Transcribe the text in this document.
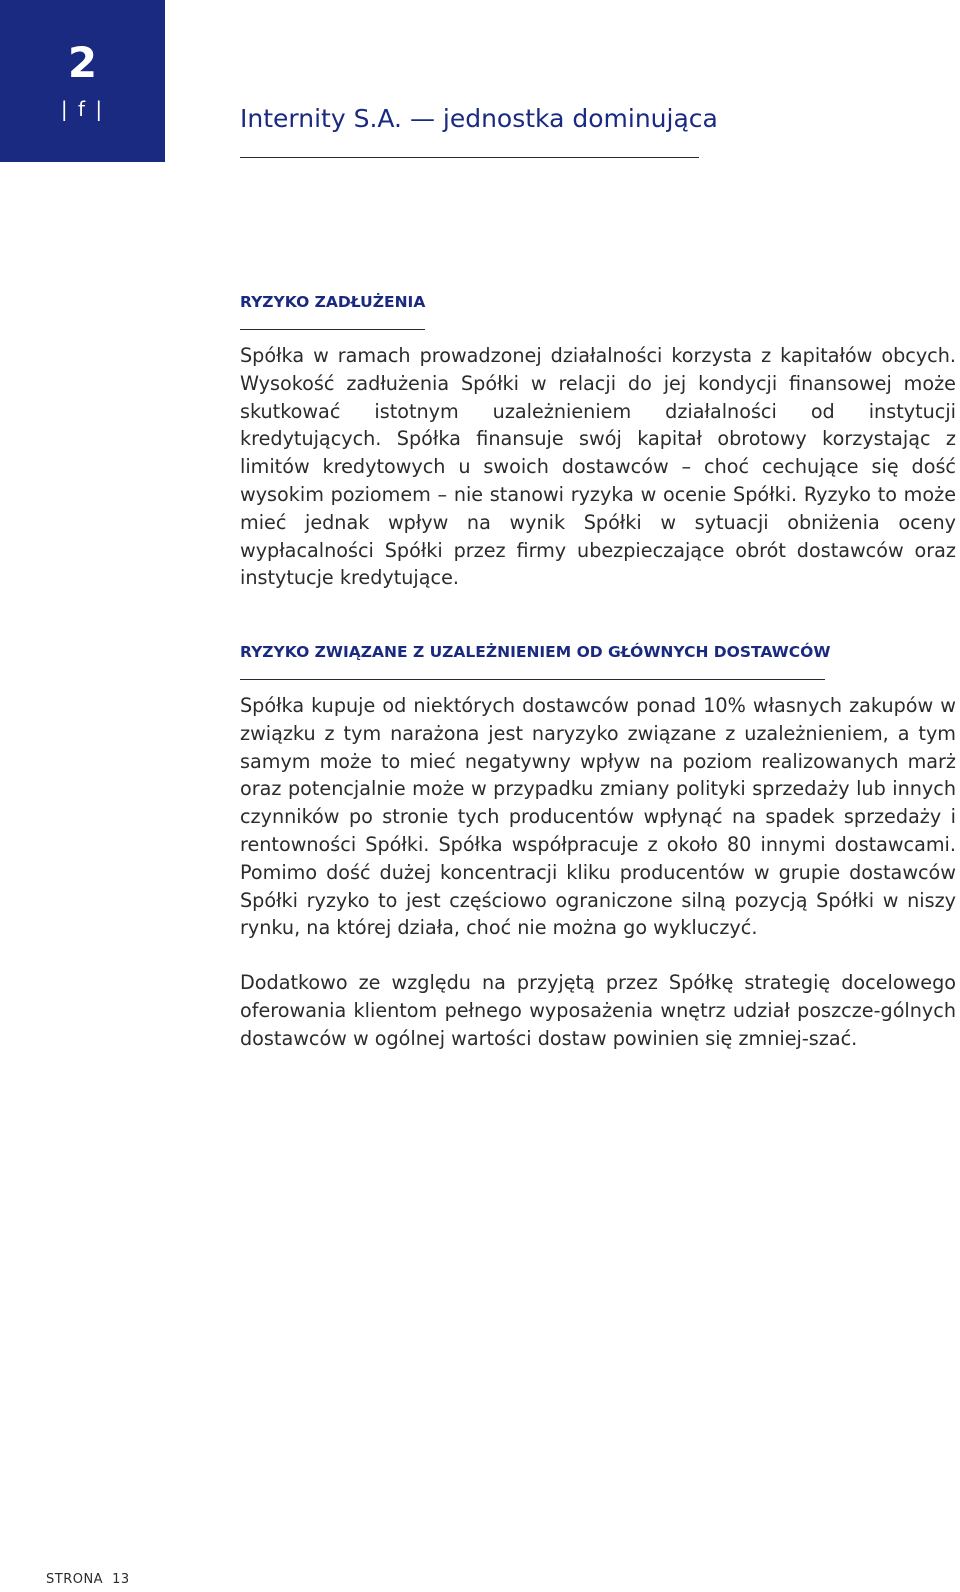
2
| f |	Internity S.A. — jednostka dominująca
RYZYKO ZADŁUŻENIA

Spółka w ramach prowadzonej działalności korzysta z kapitałów obcych. Wysokość zadłużenia Spółki w relacji do jej kondycji finansowej może skutkować istotnym uzależnieniem działalności od instytucji kredytujących. Spółka finansuje swój kapitał obrotowy korzystając z limitów kredytowych u swoich dostawców – choć cechujące się dość wysokim poziomem – nie stanowi ryzyka w ocenie Spółki. Ryzyko to może mieć jednak wpływ na wynik Spółki w sytuacji obniżenia oceny wypłacalności Spółki przez firmy ubezpieczające obrót dostawców oraz instytucje kredytujące.

RYZYKO ZWIĄZANE Z UZALEŻNIENIEM OD GŁÓWNYCH DOSTAWCÓW

Spółka kupuje od niektórych dostawców ponad 10% własnych zakupów w związku z tym narażona jest naryzyko związane z uzależnieniem, a tym samym może to mieć negatywny wpływ na poziom realizowanych marż oraz potencjalnie może w przypadku zmiany polityki sprzedaży lub innych czynników po stronie tych producentów wpłynąć na spadek sprzedaży i rentowności Spółki. Spółka współpracuje z około 80 innymi dostawcami. Pomimo dość dużej koncentracji kliku producentów w grupie dostawców Spółki ryzyko to jest częściowo ograniczone silną pozycją Spółki w niszy rynku, na której działa, choć nie można go wykluczyć.

Dodatkowo ze względu na przyjętą przez Spółkę strategię docelowego oferowania klientom pełnego wyposażenia wnętrz udział poszcze-gólnych dostawców w ogólnej wartości dostaw powinien się zmniej-szać.

STRONA 13
